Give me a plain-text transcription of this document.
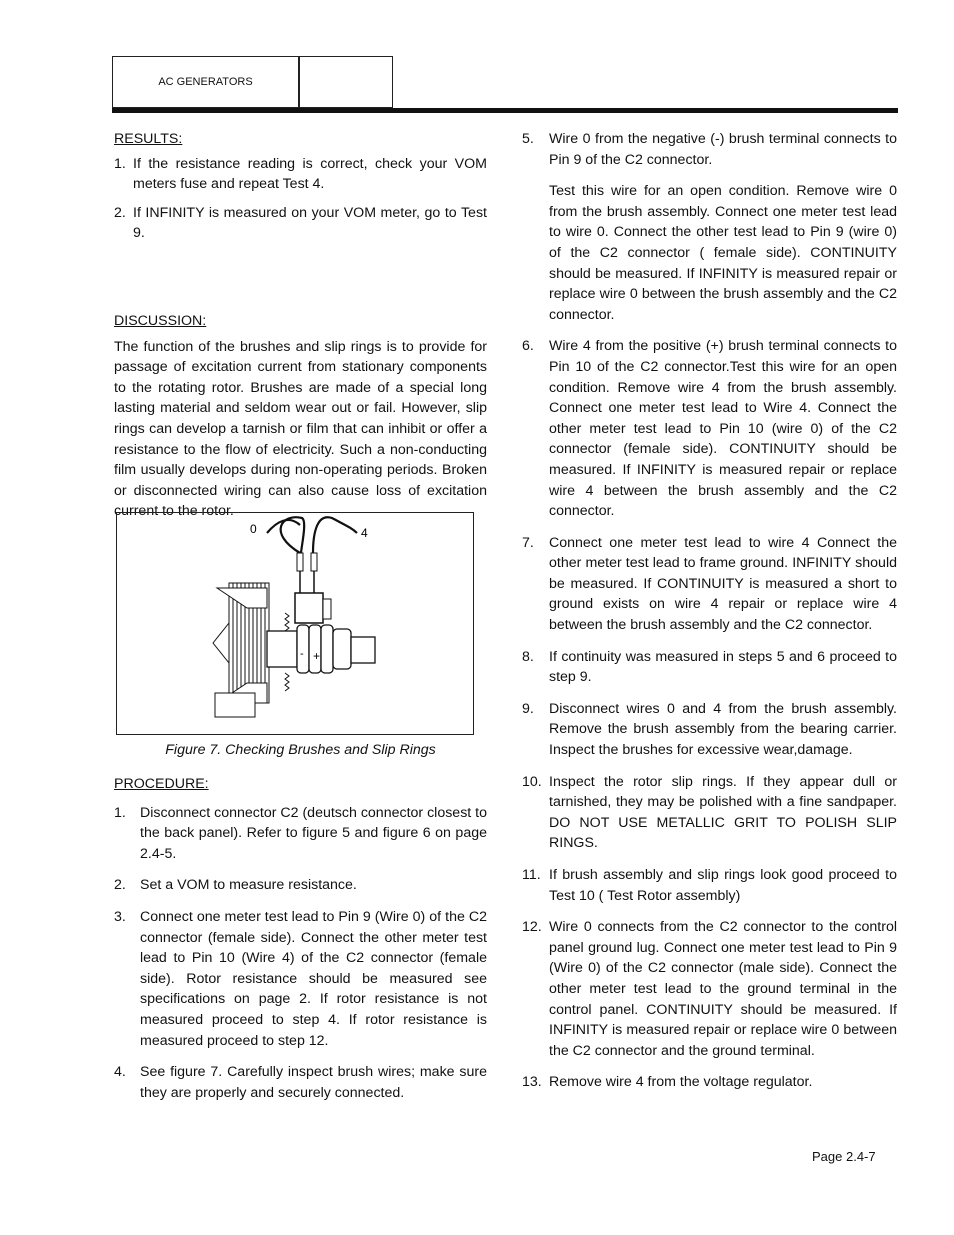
AC GENERATORS

RESULTS:

1. If the resistance reading is correct, check your VOM meters fuse and repeat Test 4.
2. If INFINITY is measured on your VOM meter, go to Test 9.

DISCUSSION:

The function of the brushes and slip rings is to provide for passage of excitation current from stationary components to the rotating rotor. Brushes are made of a special long lasting material and seldom wear out or fail. However, slip rings can develop a tarnish or film that can inhibit or offer a resistance to the flow of electricity. Such a non-conducting film usually develops during non-operating periods. Broken or disconnected wiring can also cause loss of excitation current to the rotor.

0	4
- +
Figure 7. Checking Brushes and Slip Rings

PROCEDURE:

1. Disconnect connector C2 (deutsch connector closest to the back panel). Refer to figure 5 and figure 6 on page 2.4-5.
2. Set a VOM to measure resistance.
3. Connect one meter test lead to Pin 9 (Wire 0) of the C2 connector (female side). Connect the other meter test lead to Pin 10 (Wire 4) of the C2 connector (female side). Rotor resistance should be measured see specifications on page 2. If rotor resistance is not measured proceed to step 4. If rotor resistance is measured proceed to step 12.
4. See figure 7. Carefully inspect brush wires; make sure they are properly and securely connected.
5.	Wire 0 from the negative (-) brush terminal connects to Pin 9 of the C2 connector.
Test this wire for an open condition. Remove wire 0 from the brush assembly. Connect one meter test lead to wire 0. Connect the other test lead to Pin 9 (wire 0) of the C2 connector ( female side). CONTINUITY should be measured. If INFINITY is measured repair or replace wire 0 between the brush assembly and the C2 connector.
6.	Wire 4 from the positive (+) brush terminal connects to Pin 10 of the C2 connector.Test this wire for an open condition. Remove wire 4 from the brush assembly. Connect one meter test lead to Wire 4. Connect the other meter test lead to Pin 10 (wire 0) of the C2 connector (female side). CONTINUITY should be measured. If INFINITY is measured repair or replace wire 4 between the brush assembly and the C2 connector.
7.	Connect one meter test lead to wire 4 Connect the other meter test lead to frame ground. INFINITY should be measured. If CONTINUITY is measured a short to ground exists on wire 4 repair or replace wire 4 between the brush assembly and the C2 connector.
8.	If continuity was measured in steps 5 and 6 proceed to step 9.
9.	Disconnect wires 0 and 4 from the brush assembly. Remove the brush assembly from the bearing carrier. Inspect the brushes for excessive wear,damage.
10. Inspect the rotor slip rings. If they appear dull or tarnished, they may be polished with a fine sandpaper. DO NOT USE METALLIC GRIT TO POLISH SLIP RINGS.
11. If brush assembly and slip rings look good proceed to Test 10 ( Test Rotor assembly)
12. Wire 0 connects from the C2 connector to the control panel ground lug. Connect one meter test lead to Pin 9 (Wire 0) of the C2 connector (male side). Connect the other meter test lead to the ground terminal in the control panel. CONTINUITY should be measured. If INFINITY is measured repair or replace wire 0 between the C2 connector and the ground terminal.
13. Remove wire 4 from the voltage regulator.
Page 2.4-7
